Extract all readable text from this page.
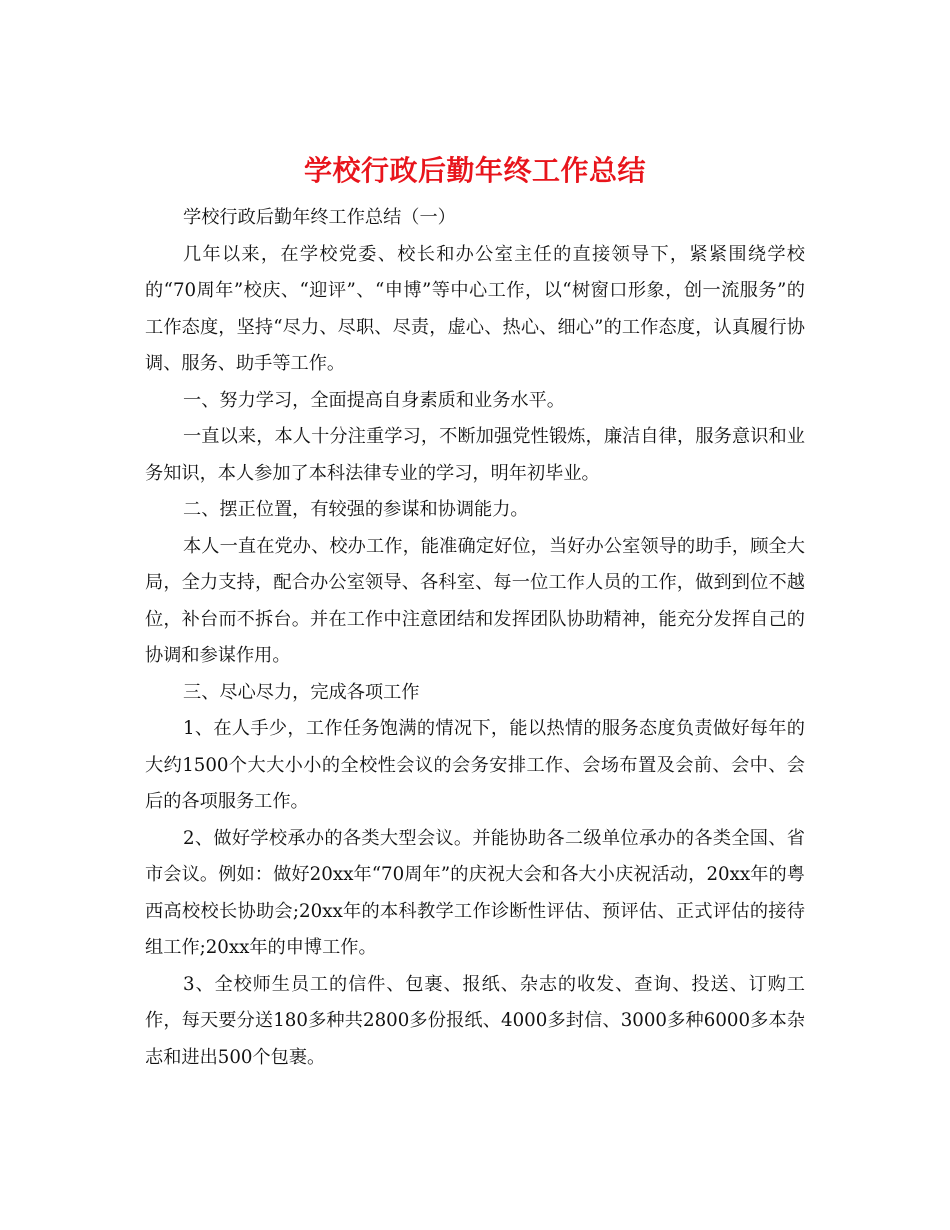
学校行政后勤年终工作总结

学校行政后勤年终工作总结（一）

几年以来，在学校党委、校长和办公室主任的直接领导下，紧紧围绕学校的“70周年”校庆、“迎评”、“申博”等中心工作，以“树窗口形象，创一流服务”的工作态度，坚持“尽力、尽职、尽责，虚心、热心、细心”的工作态度，认真履行协调、服务、助手等工作。

一、努力学习，全面提高自身素质和业务水平。

一直以来，本人十分注重学习，不断加强党性锻炼，廉洁自律，服务意识和业务知识，本人参加了本科法律专业的学习，明年初毕业。

二、摆正位置，有较强的参谋和协调能力。

本人一直在党办、校办工作，能准确定好位，当好办公室领导的助手，顾全大局，全力支持，配合办公室领导、各科室、每一位工作人员的工作，做到到位不越位，补台而不拆台。并在工作中注意团结和发挥团队协助精神，能充分发挥自己的协调和参谋作用。

三、尽心尽力，完成各项工作

1、在人手少，工作任务饱满的情况下，能以热情的服务态度负责做好每年的大约1500个大大小小的全校性会议的会务安排工作、会场布置及会前、会中、会后的各项服务工作。

2、做好学校承办的各类大型会议。并能协助各二级单位承办的各类全国、省市会议。例如：做好20xx年“70周年”的庆祝大会和各大小庆祝活动，20xx年的粤西高校校长协助会;20xx年的本科教学工作诊断性评估、预评估、正式评估的接待组工作;20xx年的申博工作。

3、全校师生员工的信件、包裹、报纸、杂志的收发、查询、投送、订购工作，每天要分送180多种共2800多份报纸、4000多封信、3000多种6000多本杂志和进出500个包裹。
